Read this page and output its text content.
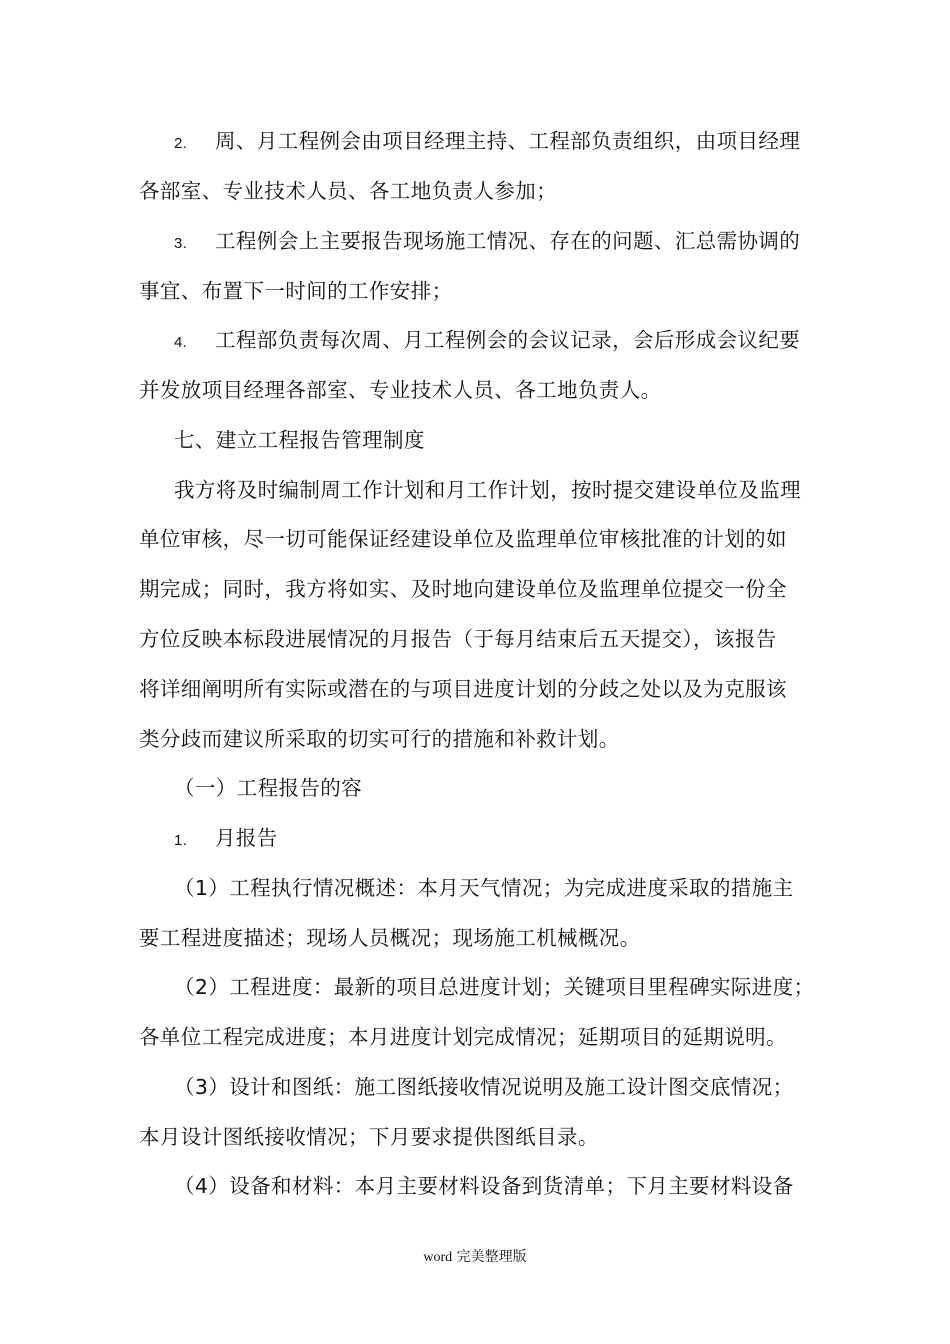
2. 周、月工程例会由项目经理主持、工程部负责组织，由项目经理
各部室、专业技术人员、各工地负责人参加；
3. 工程例会上主要报告现场施工情况、存在的问题、汇总需协调的
事宜、布置下一时间的工作安排；
4. 工程部负责每次周、月工程例会的会议记录，会后形成会议纪要
并发放项目经理各部室、专业技术人员、各工地负责人。
七、建立工程报告管理制度
我方将及时编制周工作计划和月工作计划，按时提交建设单位及监理
单位审核，尽一切可能保证经建设单位及监理单位审核批准的计划的如
期完成；同时，我方将如实、及时地向建设单位及监理单位提交一份全
方位反映本标段进展情况的月报告（于每月结束后五天提交），该报告
将详细阐明所有实际或潜在的与项目进度计划的分歧之处以及为克服该
类分歧而建议所采取的切实可行的措施和补救计划。
（一）工程报告的容
1. 月报告
（1）工程执行情况概述：本月天气情况；为完成进度采取的措施主
要工程进度描述；现场人员概况；现场施工机械概况。
（2）工程进度：最新的项目总进度计划；关键项目里程碑实际进度；
各单位工程完成进度；本月进度计划完成情况；延期项目的延期说明。
（3）设计和图纸：施工图纸接收情况说明及施工设计图交底情况；
本月设计图纸接收情况；下月要求提供图纸目录。
（4）设备和材料：本月主要材料设备到货清单；下月主要材料设备
word 完美整理版
